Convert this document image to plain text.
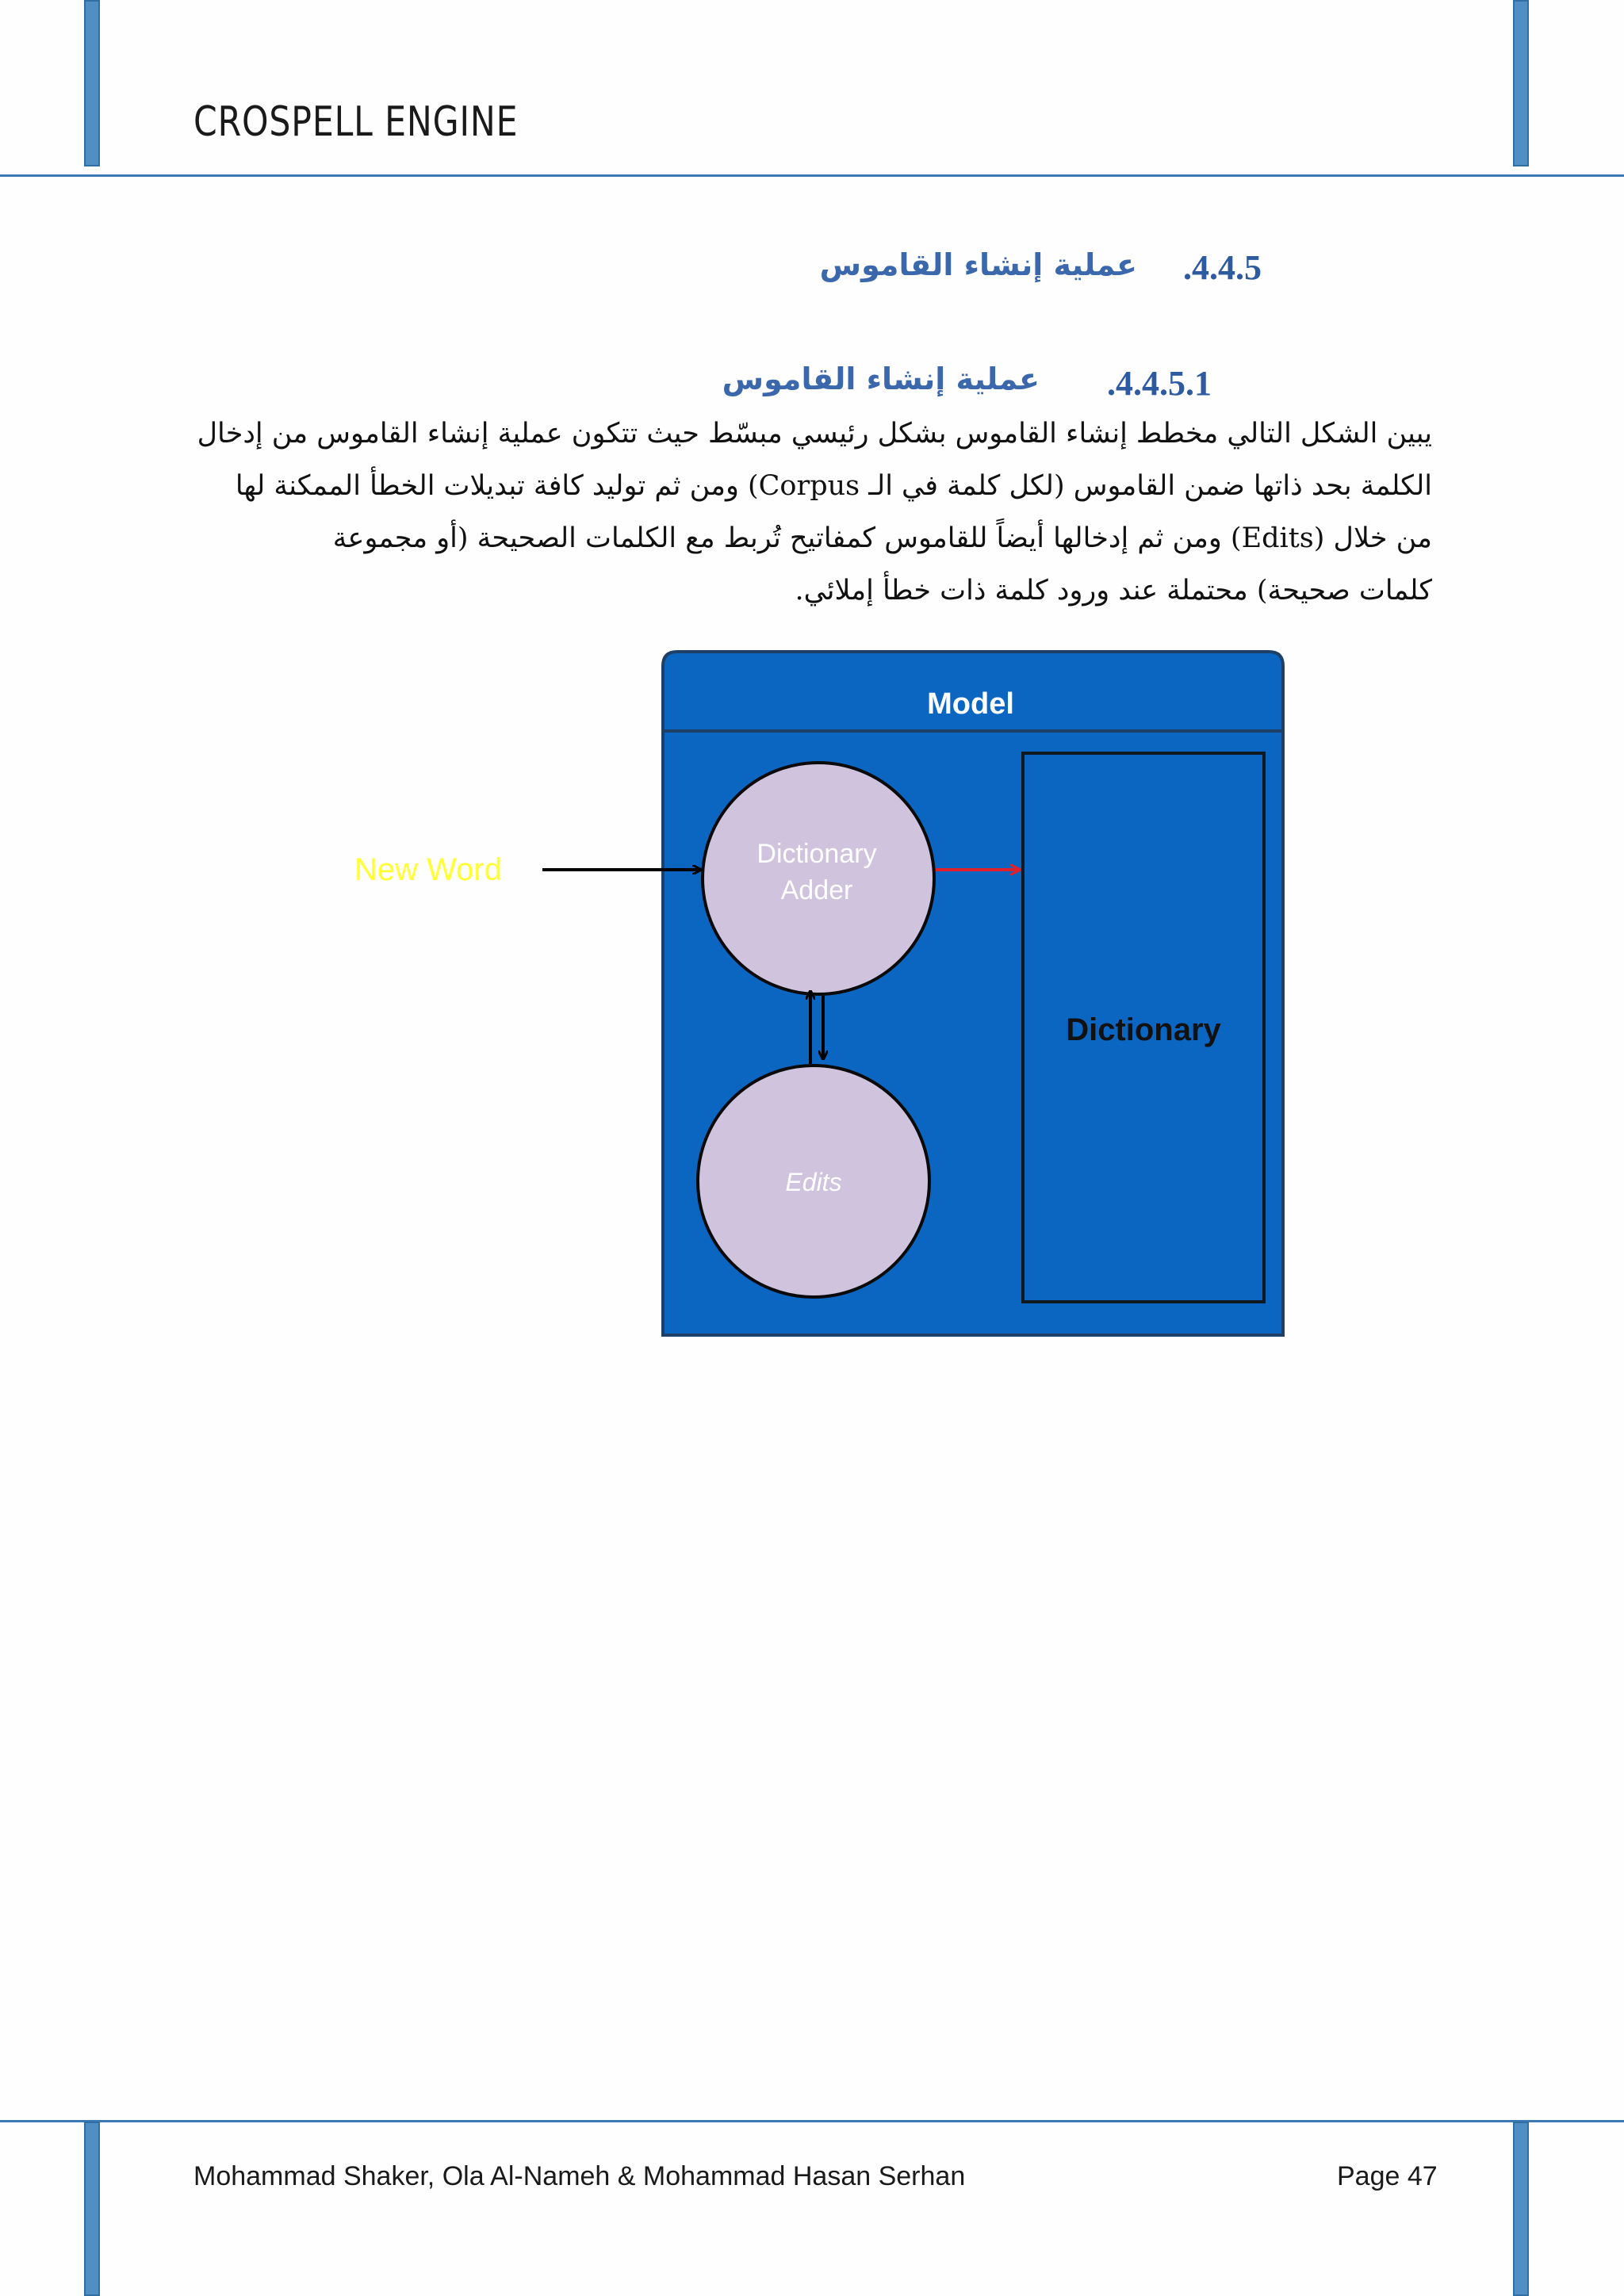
CROSPELL ENGINE
.4.4.5
عملية إنشاء القاموس
.4.4.5.1
عملية إنشاء القاموس
يبين الشكل التالي مخطط إنشاء القاموس بشكل رئيسي مبسّط حيث تتكون عملية إنشاء القاموس من إدخال
الكلمة بحد ذاتها ضمن القاموس (لكل كلمة في الـ Corpus) ومن ثم توليد كافة تبديلات الخطأ الممكنة لها
من خلال (Edits) ومن ثم إدخالها أيضاً للقاموس كمفاتيح تُربط مع الكلمات الصحيحة (أو مجموعة
كلمات صحيحة) محتملة عند ورود كلمة ذات خطأ إملائي.
Model
Dictionary
New Word	Dictionary
Adder
Edits
Mohammad Shaker, Ola Al-Nameh & Mohammad Hasan Serhan	Page 47
